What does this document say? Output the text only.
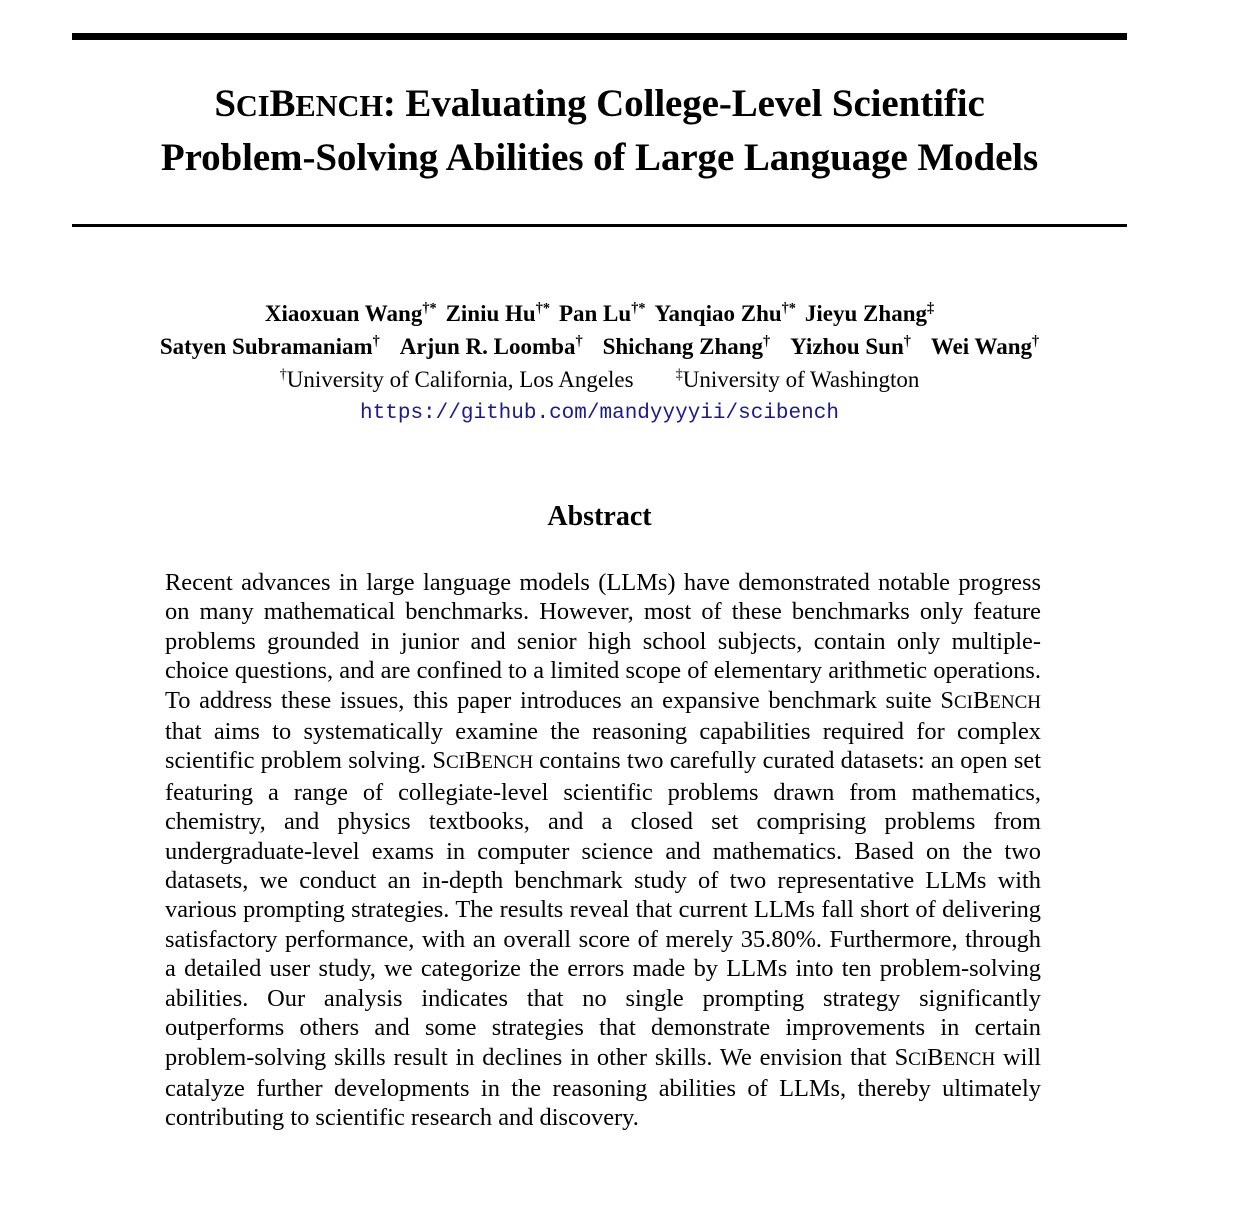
SCIBENCH: Evaluating College-Level Scientific
Problem-Solving Abilities of Large Language Models
Xiaoxuan Wang†* Ziniu Hu†* Pan Lu†* Yanqiao Zhu†* Jieyu Zhang‡
Satyen Subramaniam† Arjun R. Loomba† Shichang Zhang† Yizhou Sun† Wei Wang†
†University of California, Los Angeles	‡University of Washington
https://github.com/mandyyyyii/scibench
Abstract

Recent advances in large language models (LLMs) have demonstrated notable progress on many mathematical benchmarks. However, most of these benchmarks only feature problems grounded in junior and senior high school subjects, contain only multiple-choice questions, and are confined to a limited scope of elementary arithmetic operations. To address these issues, this paper introduces an expansive benchmark suite SCIBENCH that aims to systematically examine the reasoning capabilities required for complex scientific problem solving. SCIBENCH contains two carefully curated datasets: an open set featuring a range of collegiate-level scientific problems drawn from mathematics, chemistry, and physics textbooks, and a closed set comprising problems from undergraduate-level exams in computer science and mathematics. Based on the two datasets, we conduct an in-depth benchmark study of two representative LLMs with various prompting strategies. The results reveal that current LLMs fall short of delivering satisfactory performance, with an overall score of merely 35.80%. Furthermore, through a detailed user study, we categorize the errors made by LLMs into ten problem-solving abilities. Our analysis indicates that no single prompting strategy significantly outperforms others and some strategies that demonstrate improvements in certain problem-solving skills result in declines in other skills. We envision that SCIBENCH will catalyze further developments in the reasoning abilities of LLMs, thereby ultimately contributing to scientific research and discovery.
